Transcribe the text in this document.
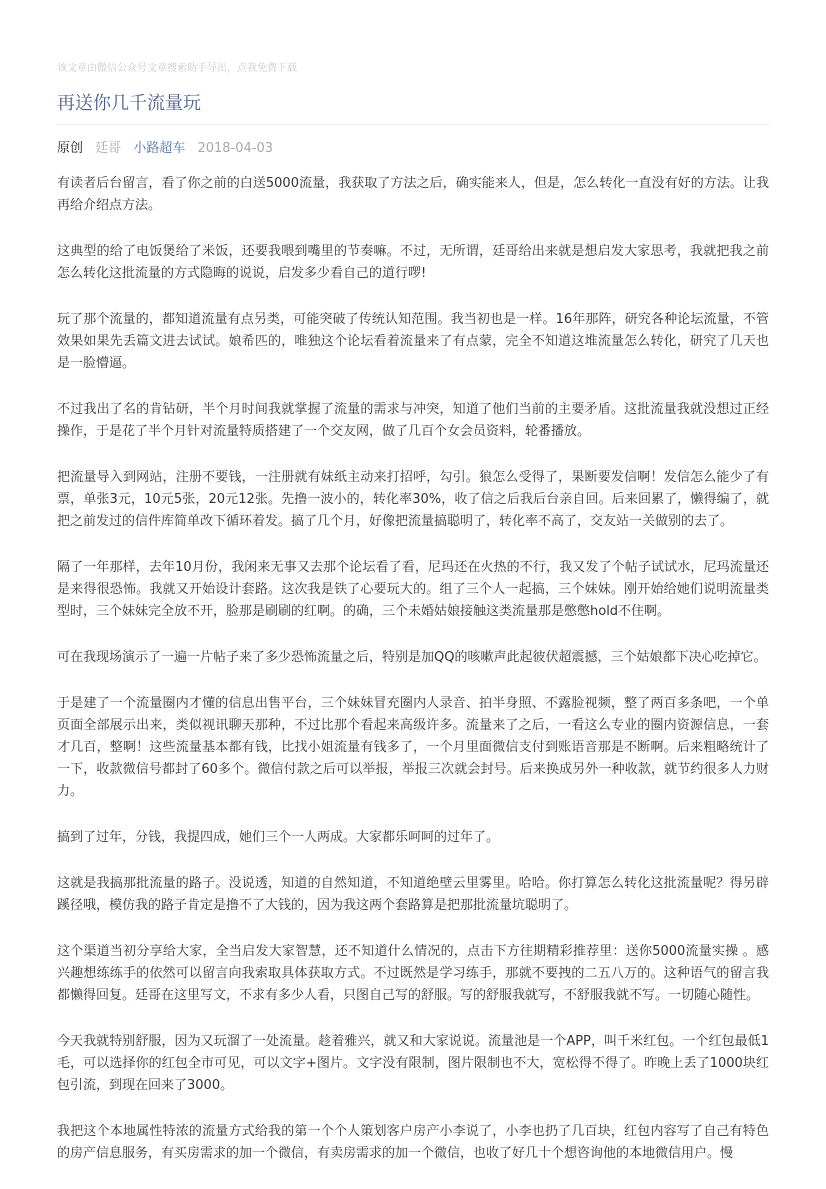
该文章由微信公众号文章搜索助手导出，点我免费下载
再送你几千流量玩
原创 廷哥 小路超车 2018-04-03

有读者后台留言，看了你之前的白送5000流量，我获取了方法之后，确实能来人，但是，怎么转化一直没有好的方法。让我再给介绍点方法。

这典型的给了电饭煲给了米饭，还要我喂到嘴里的节奏嘛。不过，无所谓，廷哥给出来就是想启发大家思考，我就把我之前怎么转化这批流量的方式隐晦的说说，启发多少看自己的道行啰!

玩了那个流量的，都知道流量有点另类，可能突破了传统认知范围。我当初也是一样。16年那阵，研究各种论坛流量，不管效果如果先丢篇文进去试试。娘希匹的，唯独这个论坛看着流量来了有点蒙，完全不知道这堆流量怎么转化，研究了几天也是一脸懵逼。

不过我出了名的肯钻研，半个月时间我就掌握了流量的需求与冲突，知道了他们当前的主要矛盾。这批流量我就没想过正经操作，于是花了半个月针对流量特质搭建了一个交友网，做了几百个女会员资料，轮番播放。

把流量导入到网站，注册不要钱，一注册就有妹纸主动来打招呼，勾引。狼怎么受得了，果断要发信啊！发信怎么能少了有票，单张3元，10元5张，20元12张。先撸一波小的，转化率30%，收了信之后我后台亲自回。后来回累了，懒得编了，就把之前发过的信件库简单改下循环着发。搞了几个月，好像把流量搞聪明了，转化率不高了，交友站一关做别的去了。

隔了一年那样，去年10月份，我闲来无事又去那个论坛看了看，尼玛还在火热的不行，我又发了个帖子试试水，尼玛流量还是来得很恐怖。我就又开始设计套路。这次我是铁了心要玩大的。组了三个人一起搞，三个妹妹。刚开始给她们说明流量类型时，三个妹妹完全放不开，脸那是刷刷的红啊。的确，三个未婚姑娘接触这类流量那是憋憋hold不住啊。

可在我现场演示了一遍一片帖子来了多少恐怖流量之后，特别是加QQ的咳嗽声此起彼伏超震撼，三个姑娘都下决心吃掉它。

于是建了一个流量圈内才懂的信息出售平台，三个妹妹冒充圈内人录音、拍半身照、不露脸视频，整了两百多条吧，一个单页面全部展示出来，类似视讯聊天那种，不过比那个看起来高级许多。流量来了之后，一看这么专业的圈内资源信息，一套才几百，整啊！这些流量基本都有钱，比找小姐流量有钱多了，一个月里面微信支付到账语音那是不断啊。后来粗略统计了一下，收款微信号都封了60多个。微信付款之后可以举报，举报三次就会封号。后来换成另外一种收款，就节约很多人力财力。

搞到了过年，分钱，我提四成，她们三个一人两成。大家都乐呵呵的过年了。

这就是我搞那批流量的路子。没说透，知道的自然知道，不知道绝壁云里雾里。哈哈。你打算怎么转化这批流量呢？得另辟蹊径哦，模仿我的路子肯定是撸不了大钱的，因为我这两个套路算是把那批流量坑聪明了。

这个渠道当初分享给大家，全当启发大家智慧，还不知道什么情况的，点击下方往期精彩推荐里：送你5000流量实操 。感兴趣想练练手的依然可以留言向我索取具体获取方式。不过既然是学习练手，那就不要拽的二五八万的。这种语气的留言我都懒得回复。廷哥在这里写文，不求有多少人看，只图自己写的舒服。写的舒服我就写，不舒服我就不写。一切随心随性。

今天我就特别舒服，因为又玩溜了一处流量。趁着雅兴，就又和大家说说。流量池是一个APP，叫千米红包。一个红包最低1毛，可以选择你的红包全市可见，可以文字+图片。文字没有限制，图片限制也不大，宽松得不得了。昨晚上丢了1000块红包引流，到现在回来了3000。

我把这个本地属性特浓的流量方式给我的第一个个人策划客户房产小李说了，小李也扔了几百块，红包内容写了自己有特色的房产信息服务，有买房需求的加一个微信，有卖房需求的加一个微信，也收了好几十个想咨询他的本地微信用户。慢
